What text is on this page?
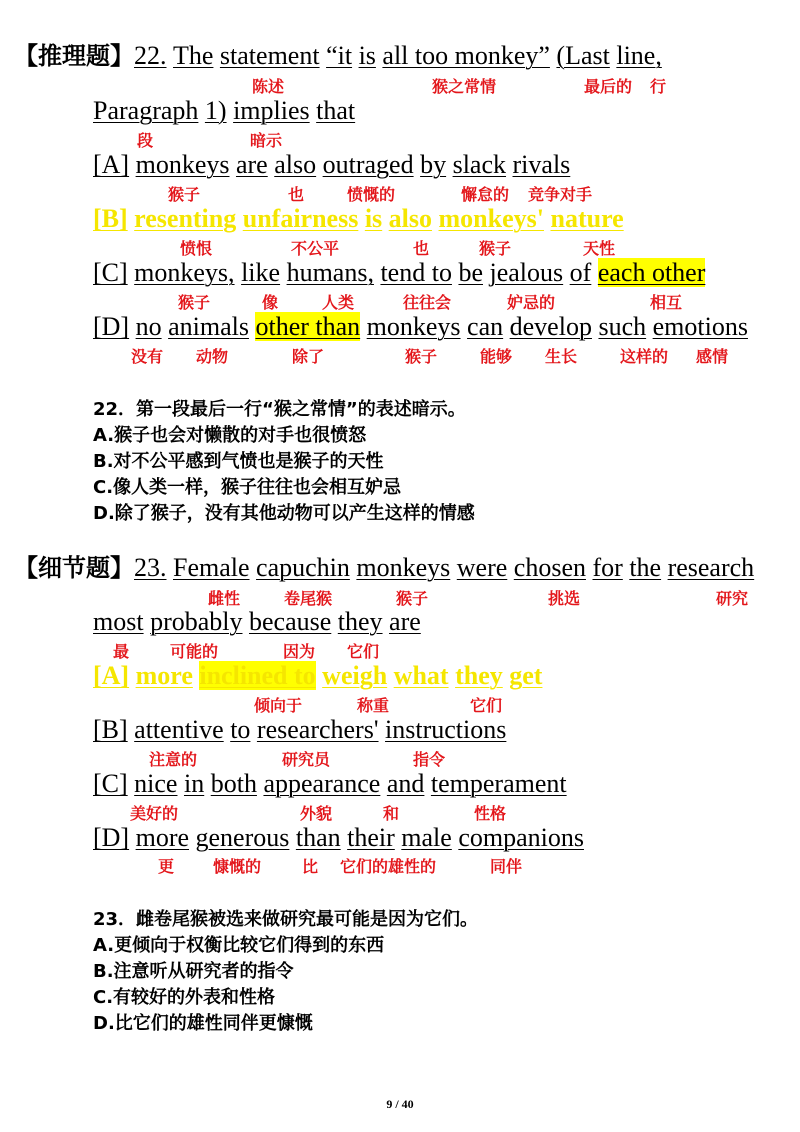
【推理题】22. The statement “it is all too monkey” (Last line,
陈述	猴之常情	最后的 行
Paragraph 1) implies that
段	暗示
[A] monkeys are also outraged by slack rivals
猴子	也	愤慨的	懈怠的 竞争对手
[B] resenting unfairness is also monkeys' nature
愤恨	不公平	也	猴子	天性
[C] monkeys, like humans, tend to be jealous of each other
猴子	像	人类	往往会	妒忌的	相互
[D] no animals other than monkeys can develop such emotions
没有 动物	除了	猴子	能够 生长	这样的 感情
22．第一段最后一行“猴之常情”的表述暗示。
A.猴子也会对懒散的对手也很愤怒
B.对不公平感到气愤也是猴子的天性
C.像人类一样，猴子往往也会相互妒忌
D.除了猴子，没有其他动物可以产生这样的情感
【细节题】23. Female capuchin monkeys were chosen for the research
雌性	卷尾猴	猴子	挑选	研究
most probably because they are
最	可能的	因为 它们
[A] more inclined to weigh what they get
倾向于	称重	它们
[B] attentive to researchers' instructions
注意的	研究员	指令
[C] nice in both appearance and temperament
美好的	外貌	和	性格
[D] more generous than their male companions
更 慷慨的	比 它们的雄性的	同伴
23．雌卷尾猴被选来做研究最可能是因为它们。
A.更倾向于权衡比较它们得到的东西
B.注意听从研究者的指令
C.有较好的外表和性格
D.比它们的雄性同伴更慷慨
9 / 40
